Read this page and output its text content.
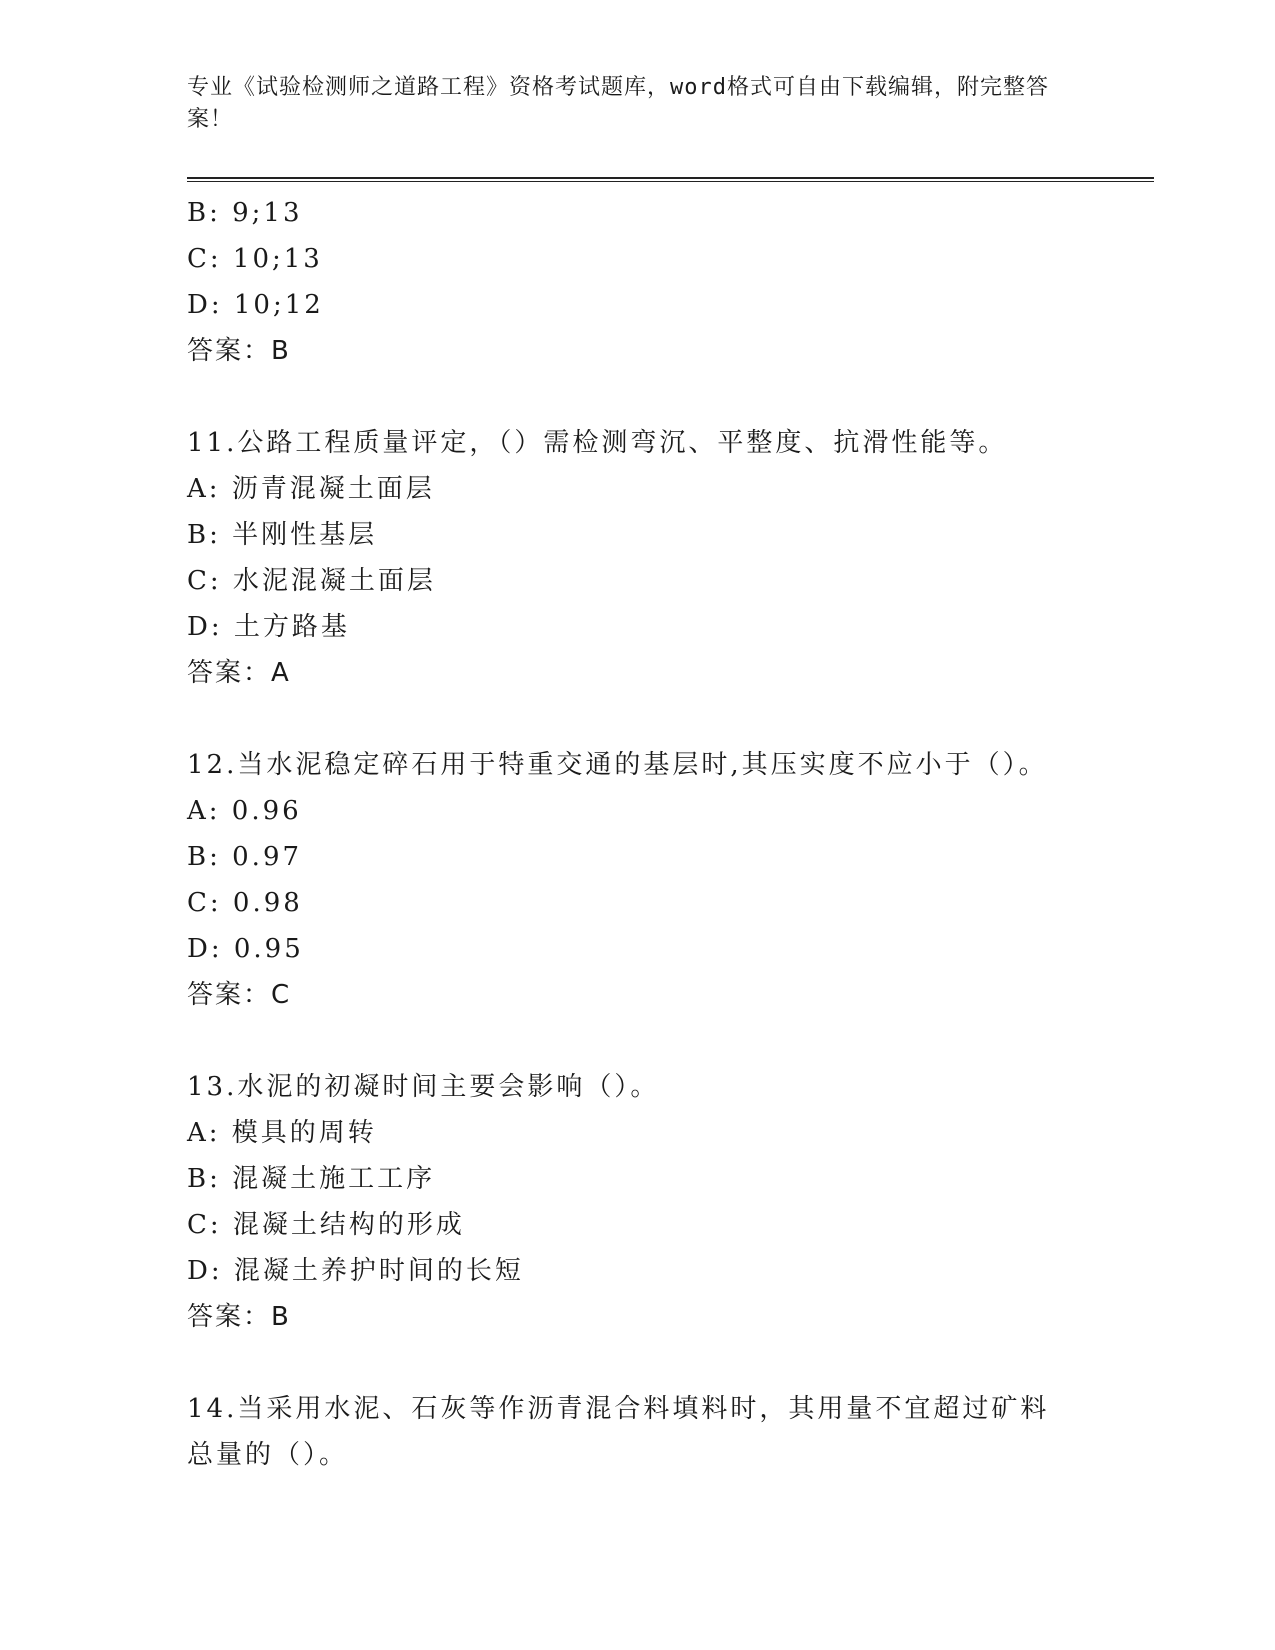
专业《试验检测师之道路工程》资格考试题库，word格式可自由下载编辑，附完整答案！
B: 9;13
C: 10;13
D: 10;12
答案：B
11.公路工程质量评定，（）需检测弯沉、平整度、抗滑性能等。
A: 沥青混凝土面层
B: 半刚性基层
C: 水泥混凝土面层
D: 土方路基
答案：A
12.当水泥稳定碎石用于特重交通的基层时,其压实度不应小于（）。
A: 0.96
B: 0.97
C: 0.98
D: 0.95
答案：C
13.水泥的初凝时间主要会影响（）。
A: 模具的周转
B: 混凝土施工工序
C: 混凝土结构的形成
D: 混凝土养护时间的长短
答案：B
14.当采用水泥、石灰等作沥青混合料填料时，其用量不宜超过矿料总量的（）。
